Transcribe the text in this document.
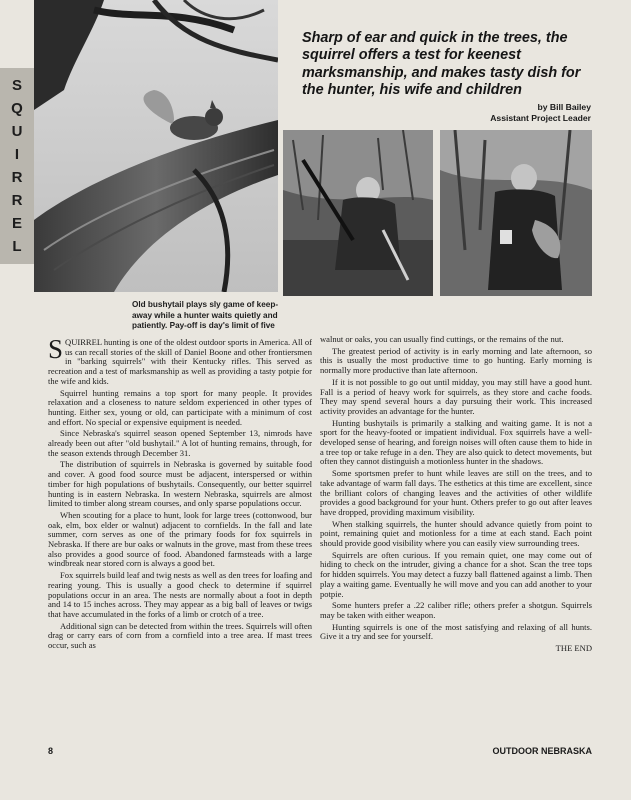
S
Q
U
I
R
R
E
L
Sharp of ear and quick in the trees, the squirrel offers a test for keenest marksmanship, and makes tasty dish for the hunter, his wife and children
by Bill Bailey
Assistant Project Leader
Old bushytail plays sly game of keep-away while a hunter waits quietly and patiently. Pay-off is day's limit of five

SQUIRREL hunting is one of the oldest outdoor sports in America. All of us can recall stories of the skill of Daniel Boone and other frontiersmen in "barking squirrels" with their Kentucky rifles. This served as recreation and a test of marksmanship as well as providing a tasty potpie for the wife and kids.

Squirrel hunting remains a top sport for many people. It provides relaxation and a closeness to nature seldom experienced in other types of hunting. Either sex, young or old, can participate with a minimum of cost and effort. No special or expensive equipment is needed.

Since Nebraska's squirrel season opened September 13, nimrods have already been out after "old bushytail." A lot of hunting remains, through, for the season extends through December 31.

The distribution of squirrels in Nebraska is governed by suitable food and cover. A good food source must be adjacent, interspersed or within timber for high populations of bushytails. Consequently, our better squirrel hunting is in eastern Nebraska. In western Nebraska, squirrels are almost limited to timber along stream courses, and only sparse populations occur.

When scouting for a place to hunt, look for large trees (cottonwood, bur oak, elm, box elder or walnut) adjacent to cornfields. In the fall and late summer, corn serves as one of the primary foods for fox squirrels in Nebraska. If there are bur oaks or walnuts in the grove, mast from these trees also provides a good source of food. Abandoned farmsteads with a large windbreak near stored corn is always a good bet.

Fox squirrels build leaf and twig nests as well as den trees for loafing and rearing young. This is usually a good check to determine if squirrel populations occur in an area. The nests are normally about a foot in depth and 14 to 15 inches across. They may appear as a big ball of leaves or twigs that have accumulated in the forks of a limb or crotch of a tree.

Additional sign can be detected from within the trees. Squirrels will often drag or carry ears of corn from a cornfield into a tree area. If mast trees occur, such as

walnut or oaks, you can usually find cuttings, or the remains of the nut.

The greatest period of activity is in early morning and late afternoon, so this is usually the most productive time to go hunting. Early morning is normally more productive than late afternoon.

If it is not possible to go out until midday, you may still have a good hunt. Fall is a period of heavy work for squirrels, as they store and cache foods. They may spend several hours a day pursuing their work. This increased activity provides an advantage for the hunter.

Hunting bushytails is primarily a stalking and waiting game. It is not a sport for the heavy-footed or impatient individual. Fox squirrels have a well-developed sense of hearing, and foreign noises will often cause them to hide in a tree top or take refuge in a den. They are also quick to detect movements, but often they cannot distinguish a motionless hunter in the shadows.

Some sportsmen prefer to hunt while leaves are still on the trees, and to take advantage of warm fall days. The esthetics at this time are excellent, since the brilliant colors of changing leaves and the activities of other wildlife provides a good background for your hunt. Others prefer to go out after leaves have dropped, providing maximum visibility.

When stalking squirrels, the hunter should advance quietly from point to point, remaining quiet and motionless for a time at each stand. Each point should provide good visibility where you can easily view surrounding trees.

Squirrels are often curious. If you remain quiet, one may come out of hiding to check on the intruder, giving a chance for a shot. Scan the tree tops for hidden squirrels. You may detect a fuzzy ball flattened against a limb. Then play a waiting game. Eventually he will move and you can add another to your potpie.

Some hunters prefer a .22 caliber rifle; others prefer a shotgun. Squirrels may be taken with either weapon.

Hunting squirrels is one of the most satisfying and relaxing of all hunts. Give it a try and see for yourself.

THE END

8	OUTDOOR NEBRASKA
